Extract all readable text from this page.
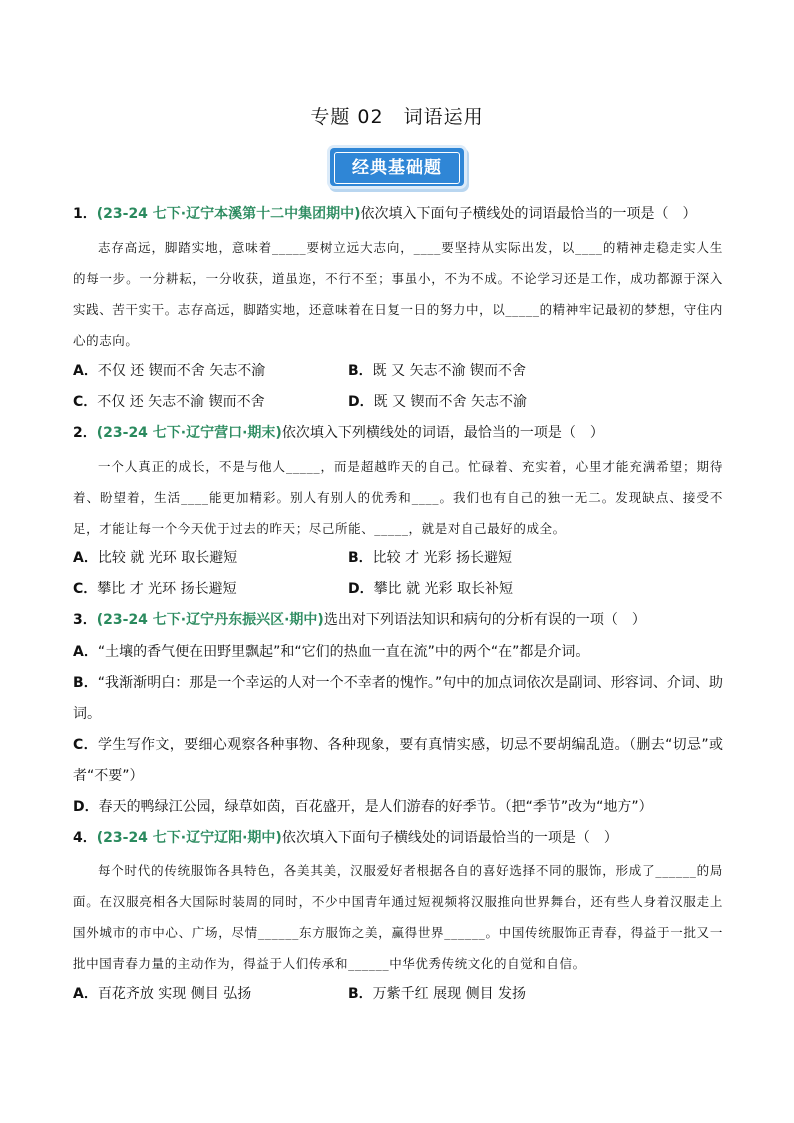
专题 02　词语运用
经典基础题
1．(23-24 七下·辽宁本溪第十二中集团期中)依次填入下面句子横线处的词语最恰当的一项是（　）
志存高远，脚踏实地，意味着_____要树立远大志向，____要坚持从实际出发，以____的精神走稳走实人生的每一步。一分耕耘，一分收获，道虽迩，不行不至；事虽小，不为不成。不论学习还是工作，成功都源于深入实践、苦干实干。志存高远，脚踏实地，还意味着在日复一日的努力中，以_____的精神牢记最初的梦想，守住内心的志向。
A．不仅 还 锲而不舍 矢志不渝	B．既 又 矢志不渝 锲而不舍
C．不仅 还 矢志不渝 锲而不舍	D．既 又 锲而不舍 矢志不渝
2．(23-24 七下·辽宁营口·期末)依次填入下列横线处的词语，最恰当的一项是（　）
一个人真正的成长，不是与他人_____，而是超越昨天的自己。忙碌着、充实着，心里才能充满希望；期待着、盼望着，生活____能更加精彩。别人有别人的优秀和____。我们也有自己的独一无二。发现缺点、接受不足，才能让每一个今天优于过去的昨天；尽己所能、_____，就是对自己最好的成全。
A．比较 就 光环 取长避短	B．比较 才 光彩 扬长避短
C．攀比 才 光环 扬长避短	D．攀比 就 光彩 取长补短
3．(23-24 七下·辽宁丹东振兴区·期中)选出对下列语法知识和病句的分析有误的一项（　）
A．“土壤的香气便在田野里飘起”和“它们的热血一直在流”中的两个“在”都是介词。
B．“我渐渐明白：那是一个幸运的人对一个不幸者的愧怍。”句中的加点词依次是副词、形容词、介词、助词。
C．学生写作文，要细心观察各种事物、各种现象，要有真情实感，切忌不要胡编乱造。（删去“切忌”或者“不要”）
D．春天的鸭绿江公园，绿草如茵，百花盛开，是人们游春的好季节。（把“季节”改为“地方”）
4．(23-24 七下·辽宁辽阳·期中)依次填入下面句子横线处的词语最恰当的一项是（　）
每个时代的传统服饰各具特色，各美其美，汉服爱好者根据各自的喜好选择不同的服饰，形成了______的局面。在汉服亮相各大国际时装周的同时，不少中国青年通过短视频将汉服推向世界舞台，还有些人身着汉服走上国外城市的市中心、广场，尽情______东方服饰之美，赢得世界______。中国传统服饰正青春，得益于一批又一批中国青春力量的主动作为，得益于人们传承和______中华优秀传统文化的自觉和自信。
A．百花齐放 实现 侧目 弘扬	B．万紫千红 展现 侧目 发扬
